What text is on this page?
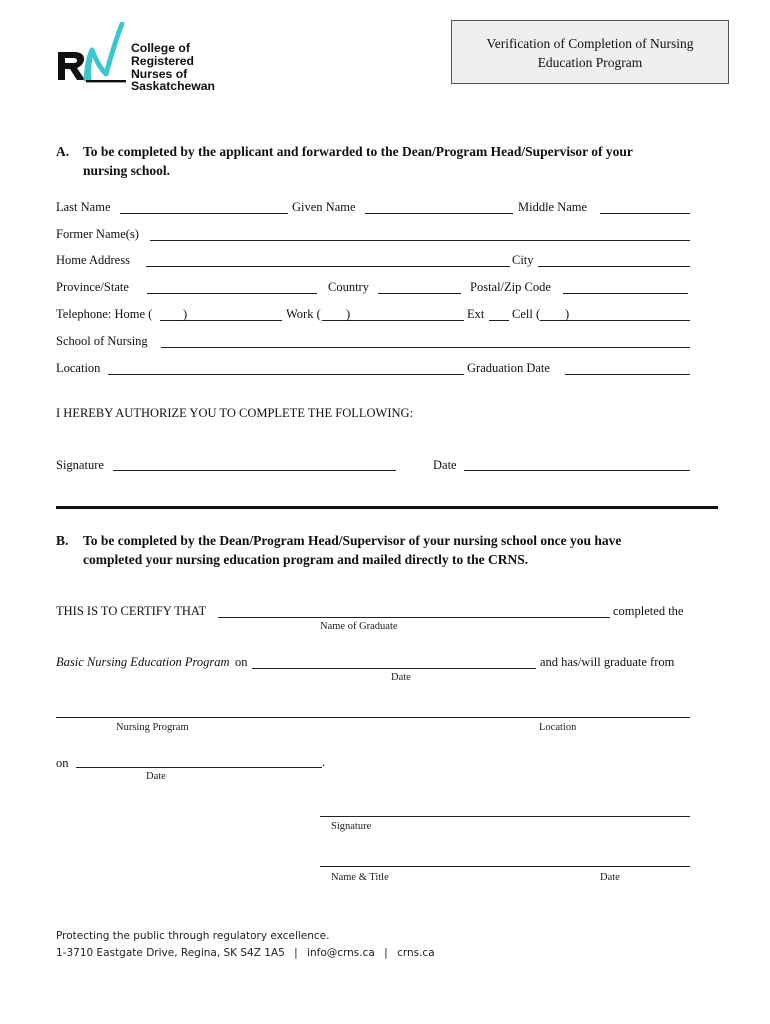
College of
Registered
Nurses of
Saskatchewan
Verification of Completion of Nursing
Education Program
A. To be completed by the applicant and forwarded to the Dean/Program Head/Supervisor of your
nursing school.
Last Name	Given Name	Middle Name
Former Name(s)
Home Address	City
Province/State	Country	Postal/Zip Code
Telephone: Home ( )	Work ( )	Ext Cell ( )
School of Nursing
Location	Graduation Date
I HEREBY AUTHORIZE YOU TO COMPLETE THE FOLLOWING:
Signature	Date
B. To be completed by the Dean/Program Head/Supervisor of your nursing school once you have
completed your nursing education program and mailed directly to the CRNS.
THIS IS TO CERTIFY THAT	completed the
Name of Graduate
Basic Nursing Education Program on	and has/will graduate from
Date
Nursing Program	Location
on	.
Date
Signature
Name & Title	Date
Protecting the public through regulatory excellence.
1-3710 Eastgate Drive, Regina, SK S4Z 1A5 | info@crns.ca | crns.ca
